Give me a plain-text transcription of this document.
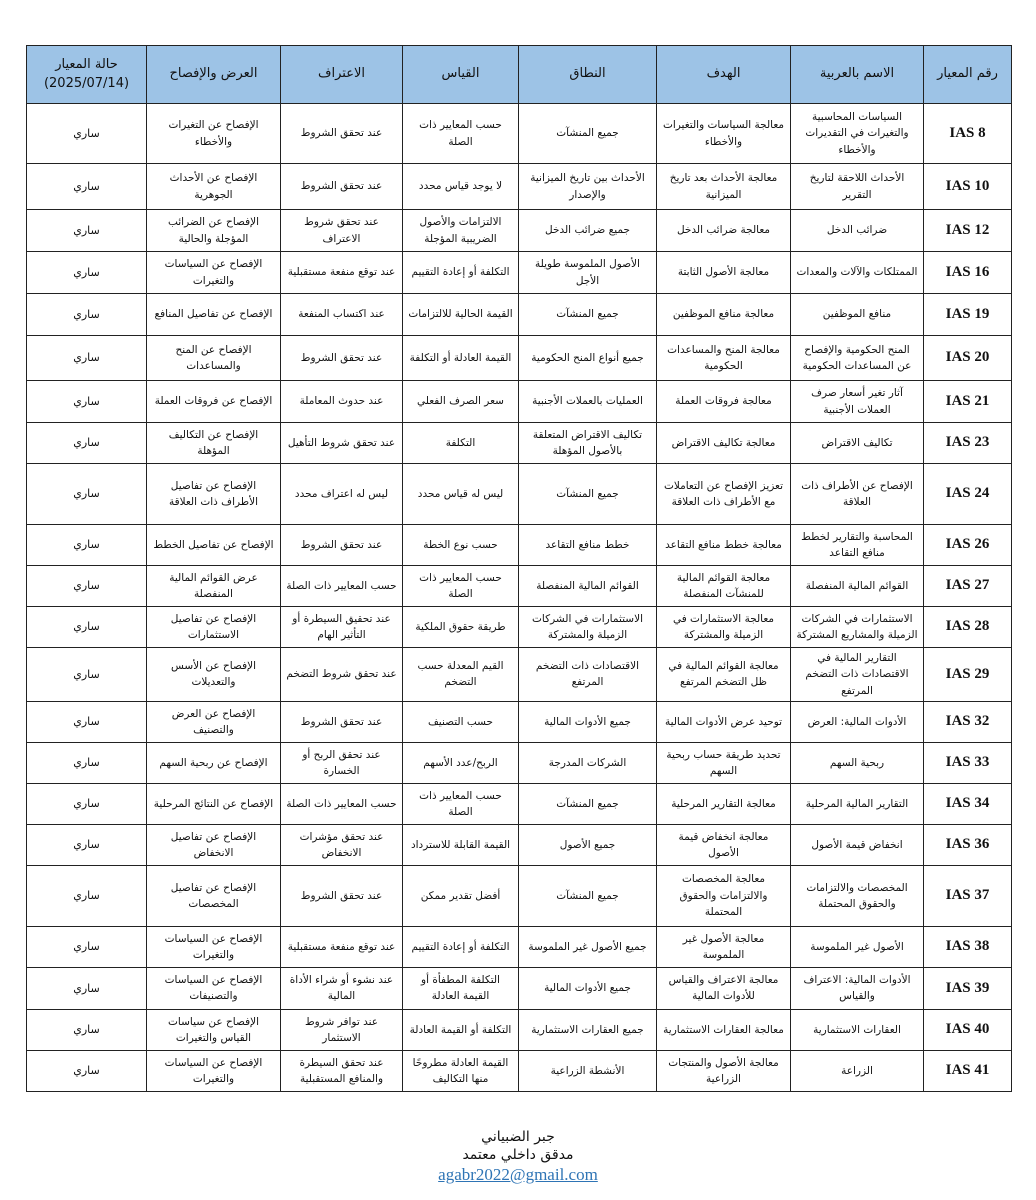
رقم المعيار	الاسم بالعربية	الهدف	النطاق	القياس	الاعتراف	العرض والإفصاح	حالة المعيار (2025/07/14)
IAS 8	السياسات المحاسبية والتغيرات في التقديرات والأخطاء	معالجة السياسات والتغيرات والأخطاء	جميع المنشآت	حسب المعايير ذات الصلة	عند تحقق الشروط	الإفصاح عن التغيرات والأخطاء	ساري
IAS 10	الأحداث اللاحقة لتاريخ التقرير	معالجة الأحداث بعد تاريخ الميزانية	الأحداث بين تاريخ الميزانية والإصدار	لا يوجد قياس محدد	عند تحقق الشروط	الإفصاح عن الأحداث الجوهرية	ساري
IAS 12	ضرائب الدخل	معالجة ضرائب الدخل	جميع ضرائب الدخل	الالتزامات والأصول الضريبية المؤجلة	عند تحقق شروط الاعتراف	الإفصاح عن الضرائب المؤجلة والحالية	ساري
IAS 16	الممتلكات والآلات والمعدات	معالجة الأصول الثابتة	الأصول الملموسة طويلة الأجل	التكلفة أو إعادة التقييم	عند توقع منفعة مستقبلية	الإفصاح عن السياسات والتغيرات	ساري
IAS 19	منافع الموظفين	معالجة منافع الموظفين	جميع المنشآت	القيمة الحالية للالتزامات	عند اكتساب المنفعة	الإفصاح عن تفاصيل المنافع	ساري
IAS 20	المنح الحكومية والإفصاح عن المساعدات الحكومية	معالجة المنح والمساعدات الحكومية	جميع أنواع المنح الحكومية	القيمة العادلة أو التكلفة	عند تحقق الشروط	الإفصاح عن المنح والمساعدات	ساري
IAS 21	آثار تغير أسعار صرف العملات الأجنبية	معالجة فروقات العملة	العمليات بالعملات الأجنبية	سعر الصرف الفعلي	عند حدوث المعاملة	الإفصاح عن فروقات العملة	ساري
IAS 23	تكاليف الاقتراض	معالجة تكاليف الاقتراض	تكاليف الاقتراض المتعلقة بالأصول المؤهلة	التكلفة	عند تحقق شروط التأهيل	الإفصاح عن التكاليف المؤهلة	ساري
IAS 24	الإفصاح عن الأطراف ذات العلاقة	تعزيز الإفصاح عن التعاملات مع الأطراف ذات العلاقة	جميع المنشآت	ليس له قياس محدد	ليس له اعتراف محدد	الإفصاح عن تفاصيل الأطراف ذات العلاقة	ساري
IAS 26	المحاسبة والتقارير لخطط منافع التقاعد	معالجة خطط منافع التقاعد	خطط منافع التقاعد	حسب نوع الخطة	عند تحقق الشروط	الإفصاح عن تفاصيل الخطط	ساري
IAS 27	القوائم المالية المنفصلة	معالجة القوائم المالية للمنشآت المنفصلة	القوائم المالية المنفصلة	حسب المعايير ذات الصلة	حسب المعايير ذات الصلة	عرض القوائم المالية المنفصلة	ساري
IAS 28	الاستثمارات في الشركات الزميلة والمشاريع المشتركة	معالجة الاستثمارات في الزميلة والمشتركة	الاستثمارات في الشركات الزميلة والمشتركة	طريقة حقوق الملكية	عند تحقيق السيطرة أو التأثير الهام	الإفصاح عن تفاصيل الاستثمارات	ساري
IAS 29	التقارير المالية في الاقتصادات ذات التضخم المرتفع	معالجة القوائم المالية في ظل التضخم المرتفع	الاقتصادات ذات التضخم المرتفع	القيم المعدلة حسب التضخم	عند تحقق شروط التضخم	الإفصاح عن الأسس والتعديلات	ساري
IAS 32	الأدوات المالية: العرض	توحيد عرض الأدوات المالية	جميع الأدوات المالية	حسب التصنيف	عند تحقق الشروط	الإفصاح عن العرض والتصنيف	ساري
IAS 33	ربحية السهم	تحديد طريقة حساب ربحية السهم	الشركات المدرجة	الربح/عدد الأسهم	عند تحقق الربح أو الخسارة	الإفصاح عن ربحية السهم	ساري
IAS 34	التقارير المالية المرحلية	معالجة التقارير المرحلية	جميع المنشآت	حسب المعايير ذات الصلة	حسب المعايير ذات الصلة	الإفصاح عن النتائج المرحلية	ساري
IAS 36	انخفاض قيمة الأصول	معالجة انخفاض قيمة الأصول	جميع الأصول	القيمة القابلة للاسترداد	عند تحقق مؤشرات الانخفاض	الإفصاح عن تفاصيل الانخفاض	ساري
IAS 37	المخصصات والالتزامات والحقوق المحتملة	معالجة المخصصات والالتزامات والحقوق المحتملة	جميع المنشآت	أفضل تقدير ممكن	عند تحقق الشروط	الإفصاح عن تفاصيل المخصصات	ساري
IAS 38	الأصول غير الملموسة	معالجة الأصول غير الملموسة	جميع الأصول غير الملموسة	التكلفة أو إعادة التقييم	عند توقع منفعة مستقبلية	الإفصاح عن السياسات والتغيرات	ساري
IAS 39	الأدوات المالية: الاعتراف والقياس	معالجة الاعتراف والقياس للأدوات المالية	جميع الأدوات المالية	التكلفة المطفأة أو القيمة العادلة	عند نشوء أو شراء الأداة المالية	الإفصاح عن السياسات والتصنيفات	ساري
IAS 40	العقارات الاستثمارية	معالجة العقارات الاستثمارية	جميع العقارات الاستثمارية	التكلفة أو القيمة العادلة	عند توافر شروط الاستثمار	الإفصاح عن سياسات القياس والتغيرات	ساري
IAS 41	الزراعة	معالجة الأصول والمنتجات الزراعية	الأنشطة الزراعية	القيمة العادلة مطروحًا منها التكاليف	عند تحقق السيطرة والمنافع المستقبلية	الإفصاح عن السياسات والتغيرات	ساري
جبر الضبياني
مدقق داخلي معتمد
agabr2022@gmail.com
